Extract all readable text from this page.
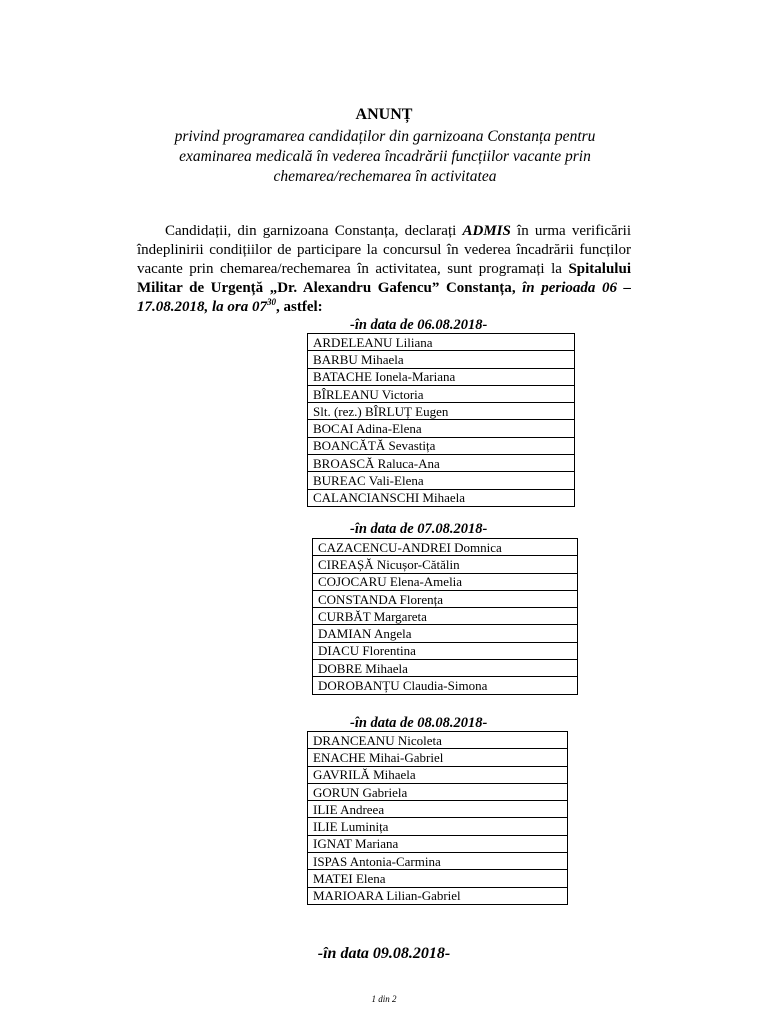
ANUNȚ
privind programarea candidaților din garnizoana Constanța pentru examinarea medicală în vederea încadrării funcțiilor vacante prin chemarea/rechemarea în activitatea
Candidații, din garnizoana Constanța, declarați ADMIS în urma verificării îndeplinirii condițiilor de participare la concursul în vederea încadrării funcților vacante prin chemarea/rechemarea în activitatea, sunt programați la Spitalului Militar de Urgență „Dr. Alexandru Gafencu” Constanța, în perioada 06 – 17.08.2018, la ora $07^{30}$, astfel:
-în data de 06.08.2018-
ARDELEANU Liliana
BARBU Mihaela
BATACHE Ionela-Mariana
BÎRLEANU Victoria
Slt. (rez.) BÎRLUȚ Eugen
BOCAI Adina-Elena
BOANCĂTĂ Sevastița
BROASCĂ Raluca-Ana
BUREAC Vali-Elena
CALANCIANSCHI Mihaela
-în data de 07.08.2018-
CAZACENCU-ANDREI Domnica
CIREAȘĂ Nicușor-Cătălin
COJOCARU Elena-Amelia
CONSTANDA Florența
CURBĂT Margareta
DAMIAN Angela
DIACU Florentina
DOBRE Mihaela
DOROBANȚU Claudia-Simona
-în data de 08.08.2018-
DRANCEANU Nicoleta
ENACHE Mihai-Gabriel
GAVRILĂ Mihaela
GORUN Gabriela
ILIE Andreea
ILIE Luminița
IGNAT Mariana
ISPAS Antonia-Carmina
MATEI Elena
MARIOARA Lilian-Gabriel
-în data 09.08.2018-
1 din 2
